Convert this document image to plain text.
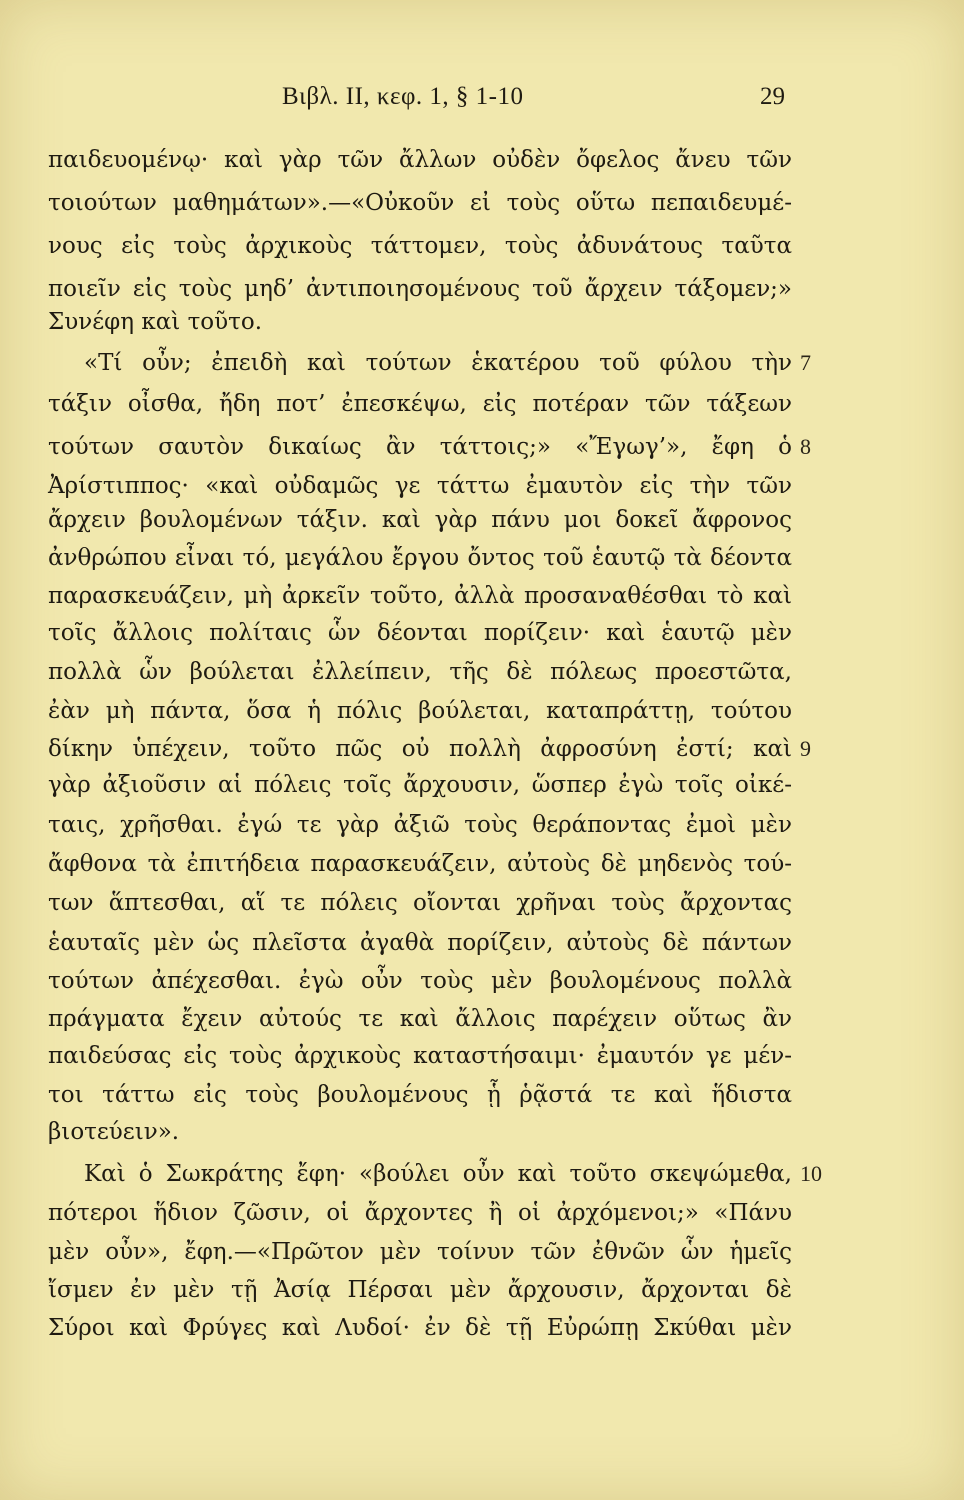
Βιβλ. II, κεφ. 1, § 1-10	29
παιδευομένῳ· καὶ γὰρ τῶν ἄλλων οὐδὲν ὄφελος ἄνευ τῶν
τοιούτων μαθημάτων».—«Οὐκοῦν εἰ τοὺς οὕτω πεπαιδευμέ-
νους εἰς τοὺς ἀρχικοὺς τάττομεν, τοὺς ἀδυνάτους ταῦτα
ποιεῖν εἰς τοὺς μηδ’ ἀντιποιησομένους τοῦ ἄρχειν τάξομεν;»
Συνέφη καὶ τοῦτο.
«Τί οὖν; ἐπειδὴ καὶ τούτων ἑκατέρου τοῦ φύλου τὴν
τάξιν οἶσθα, ἤδη ποτ’ ἐπεσκέψω, εἰς ποτέραν τῶν τάξεων
τούτων σαυτὸν δικαίως ἂν τάττοις;» «Ἔγωγ’», ἔφη ὁ
Ἀρίστιππος· «καὶ οὐδαμῶς γε τάττω ἐμαυτὸν εἰς τὴν τῶν
ἄρχειν βουλομένων τάξιν. καὶ γὰρ πάνυ μοι δοκεῖ ἄφρονος
ἀνθρώπου εἶναι τό, μεγάλου ἔργου ὄντος τοῦ ἑαυτῷ τὰ δέοντα
παρασκευάζειν, μὴ ἀρκεῖν τοῦτο, ἀλλὰ προσαναθέσθαι τὸ καὶ
τοῖς ἄλλοις πολίταις ὧν δέονται πορίζειν· καὶ ἑαυτῷ μὲν
πολλὰ ὧν βούλεται ἐλλείπειν, τῆς δὲ πόλεως προεστῶτα,
ἐὰν μὴ πάντα, ὅσα ἡ πόλις βούλεται, καταπράττῃ, τούτου
δίκην ὑπέχειν, τοῦτο πῶς οὐ πολλὴ ἀφροσύνη ἐστί; καὶ
γὰρ ἀξιοῦσιν αἱ πόλεις τοῖς ἄρχουσιν, ὥσπερ ἐγὼ τοῖς οἰκέ-
ταις, χρῆσθαι. ἐγώ τε γὰρ ἀξιῶ τοὺς θεράποντας ἐμοὶ μὲν
ἄφθονα τὰ ἐπιτήδεια παρασκευάζειν, αὐτοὺς δὲ μηδενὸς τού-
των ἅπτεσθαι, αἵ τε πόλεις οἴονται χρῆναι τοὺς ἄρχοντας
ἑαυταῖς μὲν ὡς πλεῖστα ἀγαθὰ πορίζειν, αὐτοὺς δὲ πάντων
τούτων ἀπέχεσθαι. ἐγὼ οὖν τοὺς μὲν βουλομένους πολλὰ
πράγματα ἔχειν αὐτούς τε καὶ ἄλλοις παρέχειν οὕτως ἂν
παιδεύσας εἰς τοὺς ἀρχικοὺς καταστήσαιμι· ἐμαυτόν γε μέν-
τοι τάττω εἰς τοὺς βουλομένους ᾗ ῥᾷστά τε καὶ ἥδιστα
βιοτεύειν».
Καὶ ὁ Σωκράτης ἔφη· «βούλει οὖν καὶ τοῦτο σκεψώμεθα,
πότεροι ἥδιον ζῶσιν, οἱ ἄρχοντες ἢ οἱ ἀρχόμενοι;» «Πάνυ
μὲν οὖν», ἔφη.—«Πρῶτον μὲν τοίνυν τῶν ἐθνῶν ὧν ἡμεῖς
ἴσμεν ἐν μὲν τῇ Ἀσίᾳ Πέρσαι μὲν ἄρχουσιν, ἄρχονται δὲ
Σύροι καὶ Φρύγες καὶ Λυδοί· ἐν δὲ τῇ Εὐρώπῃ Σκύθαι μὲν
7
8
9
10
